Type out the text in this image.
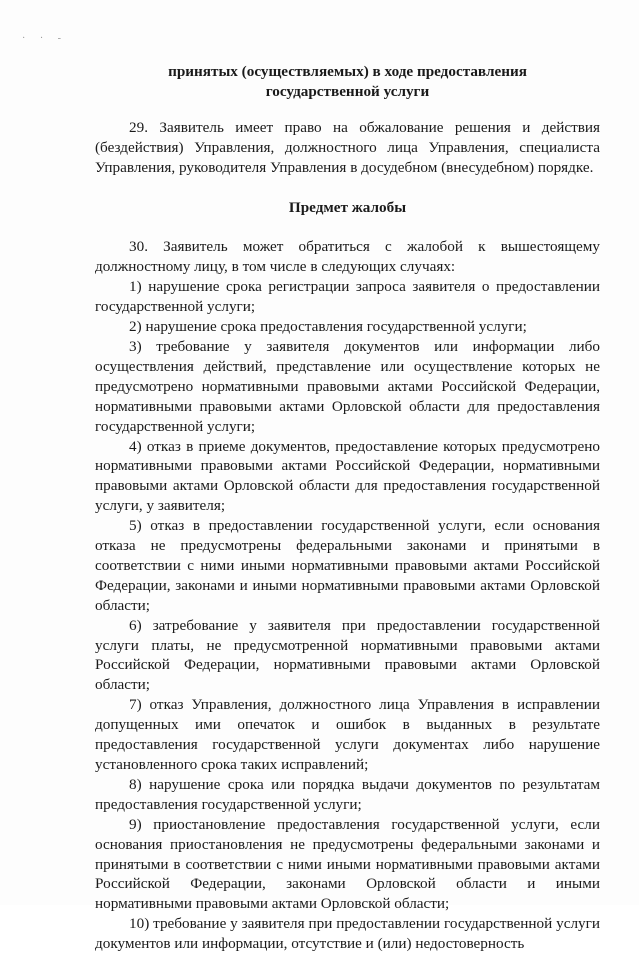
· · -

принятых (осуществляемых) в ходе предоставления

государственной услуги

29. Заявитель имеет право на обжалование решения и действия (бездействия) Управления, должностного лица Управления, специалиста Управления, руководителя Управления в досудебном (внесудебном) порядке.

Предмет жалобы

30. Заявитель может обратиться с жалобой к вышестоящему должностному лицу, в том числе в следующих случаях:

1) нарушение срока регистрации запроса заявителя о предоставлении государственной услуги;

2) нарушение срока предоставления государственной услуги;

3) требование у заявителя документов или информации либо осуществления действий, представление или осуществление которых не предусмотрено нормативными правовыми актами Российской Федерации, нормативными правовыми актами Орловской области для предоставления государственной услуги;

4) отказ в приеме документов, предоставление которых предусмотрено нормативными правовыми актами Российской Федерации, нормативными правовыми актами Орловской области для предоставления государственной услуги, у заявителя;

5) отказ в предоставлении государственной услуги, если основания отказа не предусмотрены федеральными законами и принятыми в соответствии с ними иными нормативными правовыми актами Российской Федерации, законами и иными нормативными правовыми актами Орловской области;

6) затребование у заявителя при предоставлении государственной услуги платы, не предусмотренной нормативными правовыми актами Российской Федерации, нормативными правовыми актами Орловской области;

7) отказ Управления, должностного лица Управления в исправлении допущенных ими опечаток и ошибок в выданных в результате предоставления государственной услуги документах либо нарушение установленного срока таких исправлений;

8) нарушение срока или порядка выдачи документов по результатам предоставления государственной услуги;

9) приостановление предоставления государственной услуги, если основания приостановления не предусмотрены федеральными законами и принятыми в соответствии с ними иными нормативными правовыми актами Российской Федерации, законами Орловской области и иными нормативными правовыми актами Орловской области;

10) требование у заявителя при предоставлении государственной услуги документов или информации, отсутствие и (или) недостоверность
